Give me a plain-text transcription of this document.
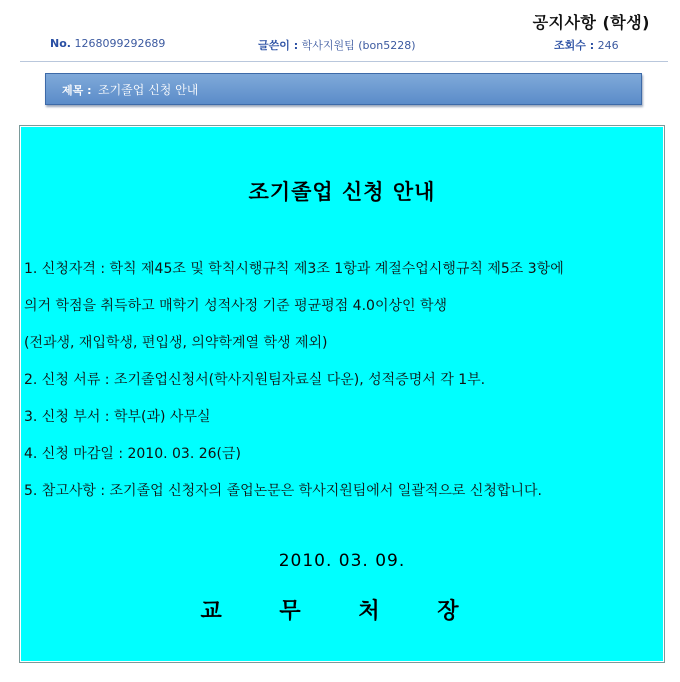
공지사항 (학생)
No. 1268099292689	글쓴이 : 학사지원팀 (bon5228)	조회수 : 246
제목 : 조기졸업 신청 안내
조기졸업 신청 안내
1. 신청자격 : 학칙 제45조 및 학칙시행규칙 제3조 1항과 계절수업시행규칙 제5조 3항에
의거 학점을 취득하고 매학기 성적사정 기준 평균평점 4.0이상인 학생
(전과생, 재입학생, 편입생, 의약학계열 학생 제외)
2. 신청 서류 : 조기졸업신청서(학사지원팀자료실 다운), 성적증명서 각 1부.
3. 신청 부서 : 학부(과) 사무실
4. 신청 마감일 : 2010. 03. 26(금)
5. 참고사항 : 조기졸업 신청자의 졸업논문은 학사지원팀에서 일괄적으로 신청합니다.
2010. 03. 09.
교 무 처 장
